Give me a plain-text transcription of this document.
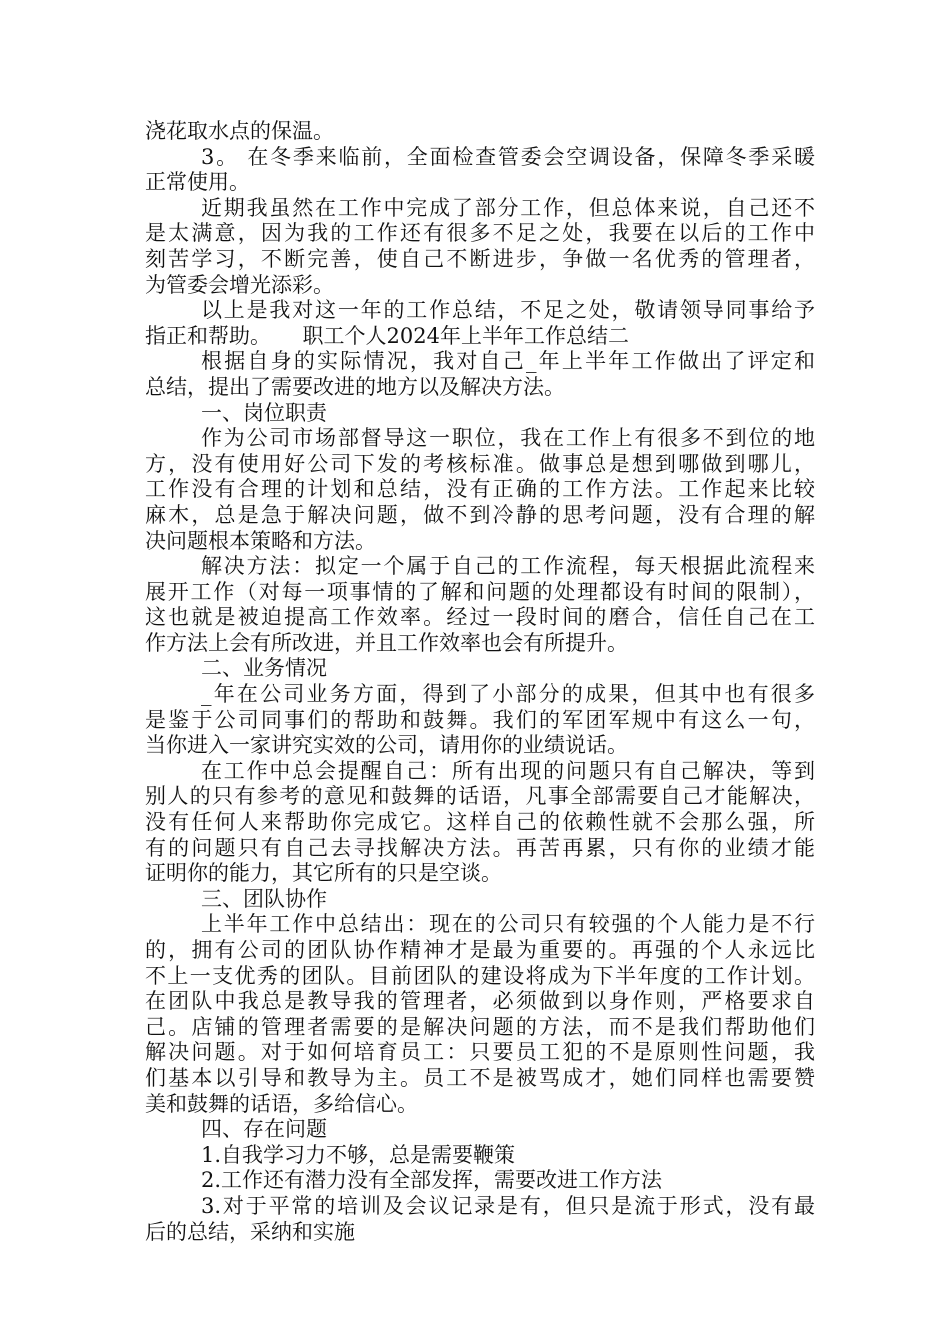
浇花取水点的保温。
3。 在冬季来临前，全面检查管委会空调设备，保障冬季采暖
正常使用。
近期我虽然在工作中完成了部分工作，但总体来说，自己还不
是太满意，因为我的工作还有很多不足之处，我要在以后的工作中
刻苦学习，不断完善，使自己不断进步，争做一名优秀的管理者，
为管委会增光添彩。
以上是我对这一年的工作总结，不足之处，敬请领导同事给予
指正和帮助。　　职工个人2024年上半年工作总结二
根据自身的实际情况，我对自己_年上半年工作做出了评定和
总结，提出了需要改进的地方以及解决方法。
一、岗位职责
作为公司市场部督导这一职位，我在工作上有很多不到位的地
方，没有使用好公司下发的考核标准。做事总是想到哪做到哪儿，
工作没有合理的计划和总结，没有正确的工作方法。工作起来比较
麻木，总是急于解决问题，做不到冷静的思考问题，没有合理的解
决问题根本策略和方法。
解决方法：拟定一个属于自己的工作流程，每天根据此流程来
展开工作（对每一项事情的了解和问题的处理都设有时间的限制），
这也就是被迫提高工作效率。经过一段时间的磨合，信任自己在工
作方法上会有所改进，并且工作效率也会有所提升。
二、业务情况
_年在公司业务方面，得到了小部分的成果，但其中也有很多
是鉴于公司同事们的帮助和鼓舞。我们的军团军规中有这么一句，
当你进入一家讲究实效的公司，请用你的业绩说话。
在工作中总会提醒自己：所有出现的问题只有自己解决，等到
别人的只有参考的意见和鼓舞的话语，凡事全部需要自己才能解决，
没有任何人来帮助你完成它。这样自己的依赖性就不会那么强，所
有的问题只有自己去寻找解决方法。再苦再累，只有你的业绩才能
证明你的能力，其它所有的只是空谈。
三、团队协作
上半年工作中总结出：现在的公司只有较强的个人能力是不行
的，拥有公司的团队协作精神才是最为重要的。再强的个人永远比
不上一支优秀的团队。目前团队的建设将成为下半年度的工作计划。
在团队中我总是教导我的管理者，必须做到以身作则，严格要求自
己。店铺的管理者需要的是解决问题的方法，而不是我们帮助他们
解决问题。对于如何培育员工：只要员工犯的不是原则性问题，我
们基本以引导和教导为主。员工不是被骂成才，她们同样也需要赞
美和鼓舞的话语，多给信心。
四、存在问题
1.自我学习力不够，总是需要鞭策
2.工作还有潜力没有全部发挥，需要改进工作方法
3.对于平常的培训及会议记录是有，但只是流于形式，没有最
后的总结，采纳和实施
